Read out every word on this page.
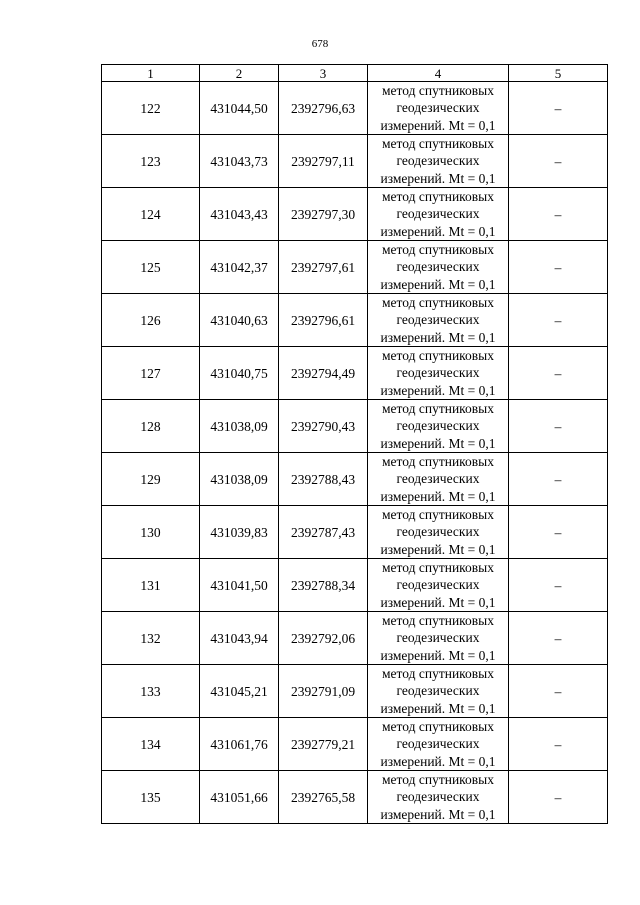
678
1	2	3	4	5
122	431044,50	2392796,63	метод спутниковых
геодезических
измерений. Mt = 0,1	–
123	431043,73	2392797,11	метод спутниковых
геодезических
измерений. Mt = 0,1	–
124	431043,43	2392797,30	метод спутниковых
геодезических
измерений. Mt = 0,1	–
125	431042,37	2392797,61	метод спутниковых
геодезических
измерений. Mt = 0,1	–
126	431040,63	2392796,61	метод спутниковых
геодезических
измерений. Mt = 0,1	–
127	431040,75	2392794,49	метод спутниковых
геодезических
измерений. Mt = 0,1	–
128	431038,09	2392790,43	метод спутниковых
геодезических
измерений. Mt = 0,1	–
129	431038,09	2392788,43	метод спутниковых
геодезических
измерений. Mt = 0,1	–
130	431039,83	2392787,43	метод спутниковых
геодезических
измерений. Mt = 0,1	–
131	431041,50	2392788,34	метод спутниковых
геодезических
измерений. Mt = 0,1	–
132	431043,94	2392792,06	метод спутниковых
геодезических
измерений. Mt = 0,1	–
133	431045,21	2392791,09	метод спутниковых
геодезических
измерений. Mt = 0,1	–
134	431061,76	2392779,21	метод спутниковых
геодезических
измерений. Mt = 0,1	–
135	431051,66	2392765,58	метод спутниковых
геодезических
измерений. Mt = 0,1	–
